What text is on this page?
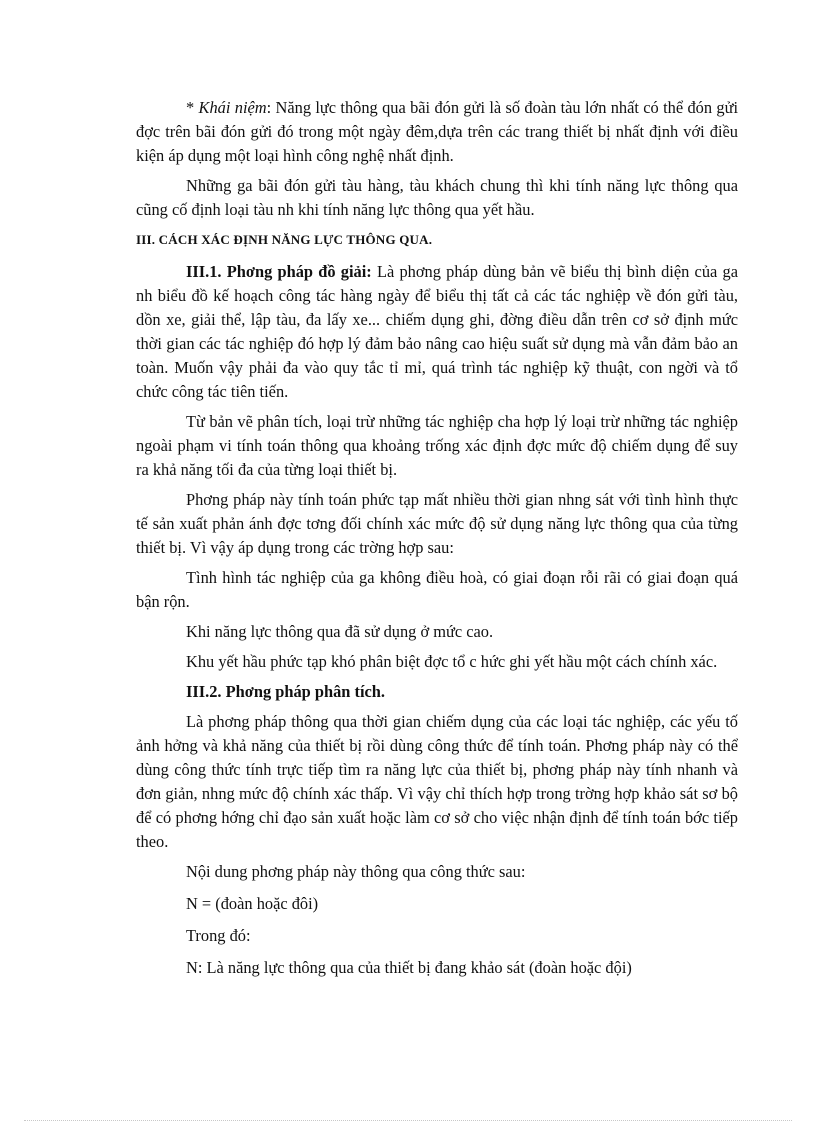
* Khái niệm: Năng lực thông qua bãi đón gửi là số đoàn tàu lớn nhất có thể đón gửi đợc trên bãi đón gửi đó trong một ngày đêm,dựa trên các trang thiết bị nhất định với điều kiện áp dụng một loại hình công nghệ nhất định.

Những ga bãi đón gửi tàu hàng, tàu khách chung thì khi tính năng lực thông qua cũng cố định loại tàu nh khi tính năng lực thông qua yết hầu.

III. CÁCH XÁC ĐỊNH NĂNG LỰC THÔNG QUA.

III.1. Phơng pháp đồ giải: Là phơng pháp dùng bản vẽ biểu thị bình diện của ga nh biểu đồ kế hoạch công tác hàng ngày để biểu thị tất cả các tác nghiệp về đón gửi tàu, dồn xe, giải thể, lập tàu, đa lấy xe... chiếm dụng ghi, đờng điều dẫn trên cơ sở định mức thời gian các tác nghiệp đó hợp lý đảm bảo nâng cao hiệu suất sử dụng mà vẫn đảm bảo an toàn. Muốn vậy phải đa vào quy tắc tỉ mỉ, quá trình tác nghiệp kỹ thuật, con ngời và tổ chức công tác tiên tiến.

Từ bản vẽ phân tích, loại trừ những tác nghiệp cha hợp lý loại trừ những tác nghiệp ngoài phạm vi tính toán thông qua khoảng trống xác định đợc mức độ chiếm dụng để suy ra khả năng tối đa của từng loại thiết bị.

Phơng pháp này tính toán phức tạp mất nhiều thời gian nhng sát với tình hình thực tế sản xuất phản ánh đợc tơng đối chính xác mức độ sử dụng năng lực thông qua của từng thiết bị. Vì vậy áp dụng trong các trờng hợp sau:

Tình hình tác nghiệp của ga không điều hoà, có giai đoạn rỗi rãi có giai đoạn quá bận rộn.

Khi năng lực thông qua đã sử dụng ở mức cao.

Khu yết hầu phức tạp khó phân biệt đợc tổ c hức ghi yết hầu một cách chính xác.

III.2. Phơng pháp phân tích.

Là phơng pháp thông qua thời gian chiếm dụng của các loại tác nghiệp, các yếu tố ảnh hởng và khả năng của thiết bị rồi dùng công thức để tính toán. Phơng pháp này có thể dùng công thức tính trực tiếp tìm ra năng lực của thiết bị, phơng pháp này tính nhanh và đơn giản, nhng mức độ chính xác thấp. Vì vậy chỉ thích hợp trong trờng hợp khảo sát sơ bộ để có phơng hớng chỉ đạo sản xuất hoặc làm cơ sở cho việc nhận định để tính toán bớc tiếp theo.

Nội dung phơng pháp này thông qua công thức sau:

N = (đoàn hoặc đôi)

Trong đó:

N: Là năng lực thông qua của thiết bị đang khảo sát (đoàn hoặc đội)
